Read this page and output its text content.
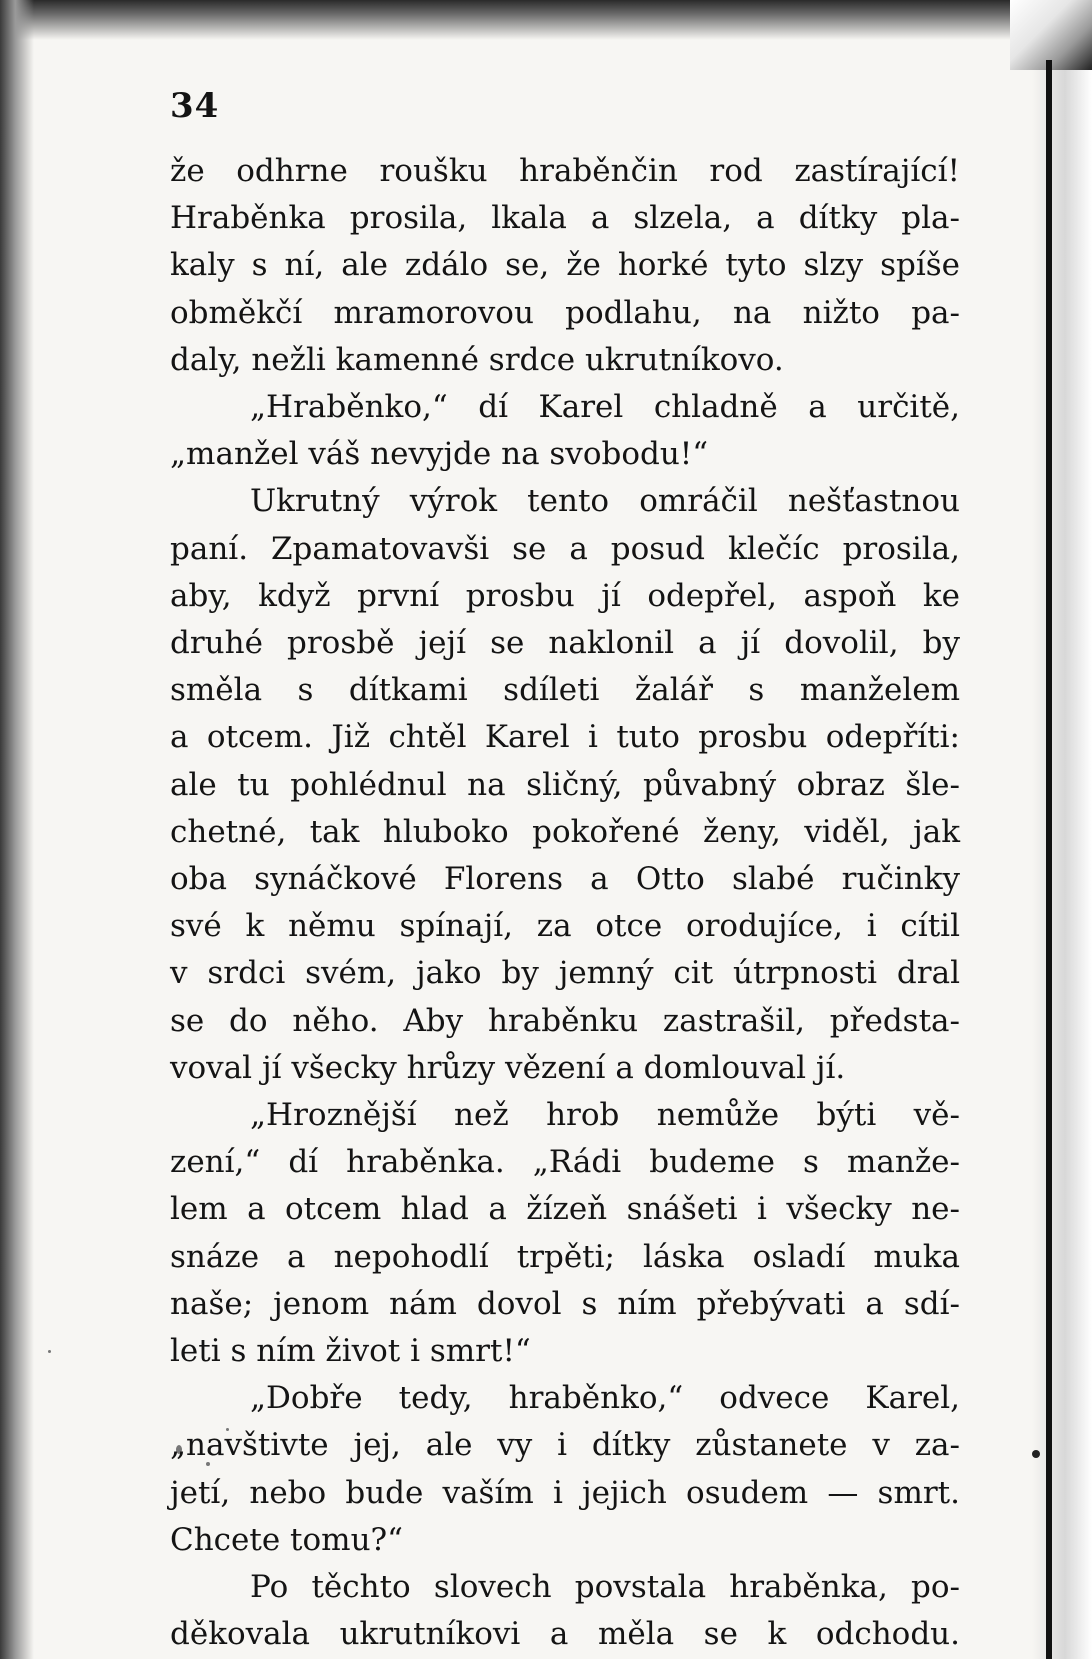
34
že odhrne roušku hraběnčin rod zastírající!
Hraběnka prosila, lkala a slzela, a dítky pla-
kaly s ní, ale zdálo se, že horké tyto slzy spíše
obměkčí mramorovou podlahu, na nižto pa-
daly, nežli kamenné srdce ukrutníkovo.
„Hraběnko,“ dí Karel chladně a určitě,
„manžel váš nevyjde na svobodu!“
Ukrutný výrok tento omráčil nešťastnou
paní. Zpamatovavši se a posud klečíc prosila,
aby, když první prosbu jí odepřel, aspoň ke
druhé prosbě její se naklonil a jí dovolil, by
směla s dítkami sdíleti žalář s manželem
a otcem. Již chtěl Karel i tuto prosbu odepříti:
ale tu pohlédnul na sličný, půvabný obraz šle-
chetné, tak hluboko pokořené ženy, viděl, jak
oba synáčkové Florens a Otto slabé ručinky
své k němu spínají, za otce orodujíce, i cítil
v srdci svém, jako by jemný cit útrpnosti dral
se do něho. Aby hraběnku zastrašil, předsta-
voval jí všecky hrůzy vězení a domlouval jí.
„Hroznější než hrob nemůže býti vě-
zení,“ dí hraběnka. „Rádi budeme s manže-
lem a otcem hlad a žízeň snášeti i všecky ne-
snáze a nepohodlí trpěti; láska osladí muka
naše; jenom nám dovol s ním přebývati a sdí-
leti s ním život i smrt!“
„Dobře tedy, hraběnko,“ odvece Karel,
„navštivte jej, ale vy i dítky zůstanete v za-
jetí, nebo bude vaším i jejich osudem — smrt.
Chcete tomu?“
Po těchto slovech povstala hraběnka, po-
děkovala ukrutníkovi a měla se k odchodu.
